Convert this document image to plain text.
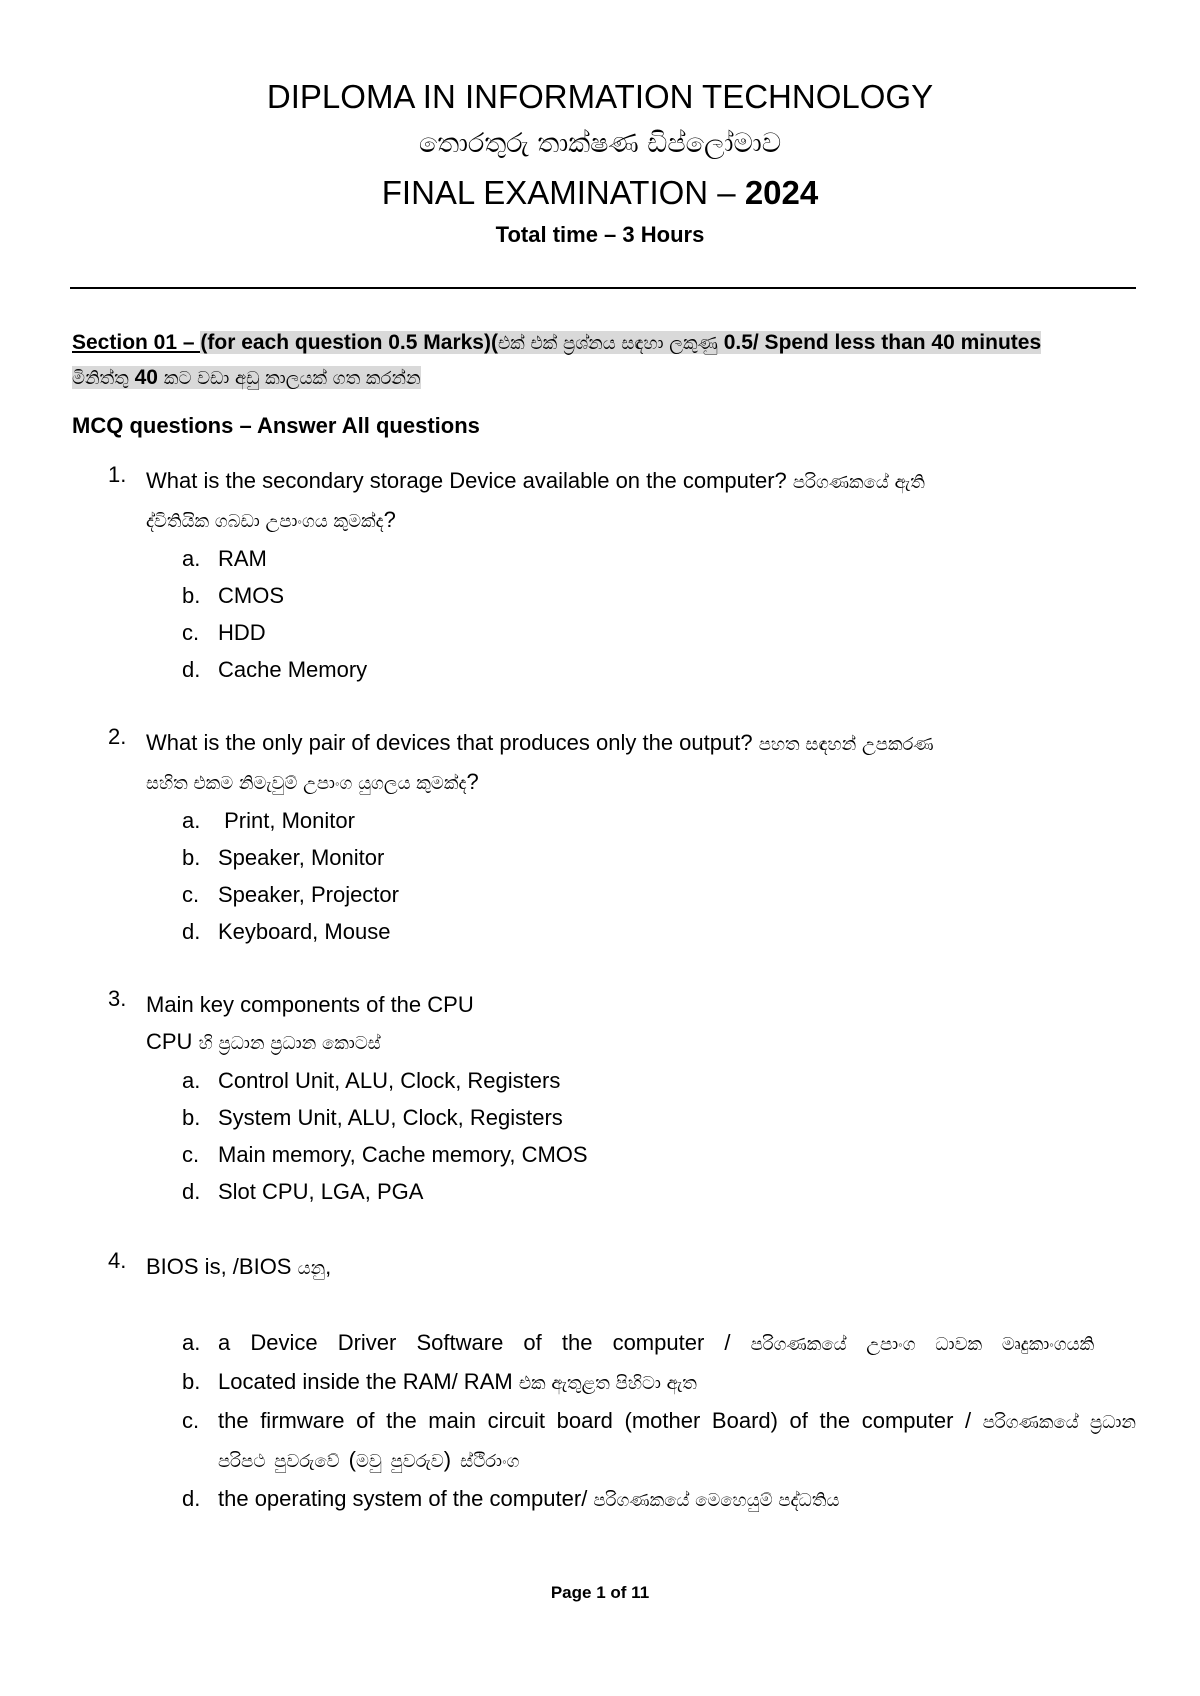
DIPLOMA IN INFORMATION TECHNOLOGY
තොරතුරු තාක්ෂණ ඩිප්ලෝමාව
FINAL EXAMINATION – 2024
Total time – 3 Hours
Section 01 – (for each question 0.5 Marks)(එක් එක් ප්‍රශ්නය සඳහා ලකුණු 0.5/ Spend less than 40 minutes
මිනිත්තු 40 කට වඩා අඩු කාලයක් ගත කරන්න
MCQ questions – Answer All questions
1. What is the secondary storage Device available on the computer? පරිගණකයේ ඇති
ද්විතියික ගබඩා උපාංගය කුමක්ද?
a. RAM
b. CMOS
c. HDD
d. Cache Memory
2. What is the only pair of devices that produces only the output? පහත සඳහන් උපකරණ
සහිත එකම නිමැවුම් උපාංග යුගලය කුමක්ද?
a. Print, Monitor
b. Speaker, Monitor
c. Speaker, Projector
d. Keyboard, Mouse
3. Main key components of the CPU
CPU හි ප්‍රධාන ප්‍රධාන කොටස්
a. Control Unit, ALU, Clock, Registers
b. System Unit, ALU, Clock, Registers
c. Main memory, Cache memory, CMOS
d. Slot CPU, LGA, PGA
4. BIOS is, /BIOS යනු,
a. a Device Driver Software of the computer / පරිගණකයේ උපාංග ධාවක මෘදුකාංගයකි
b. Located inside the RAM/ RAM එක ඇතුළත පිහිටා ඇත
c. the firmware of the main circuit board (mother Board) of the computer / පරිගණකයේ ප්‍රධාන පරිපථ පුවරුවේ (මවු පුවරුව) ස්ථිරාංග
d. the operating system of the computer/ පරිගණකයේ මෙහෙයුම් පද්ධතිය
Page 1 of 11
